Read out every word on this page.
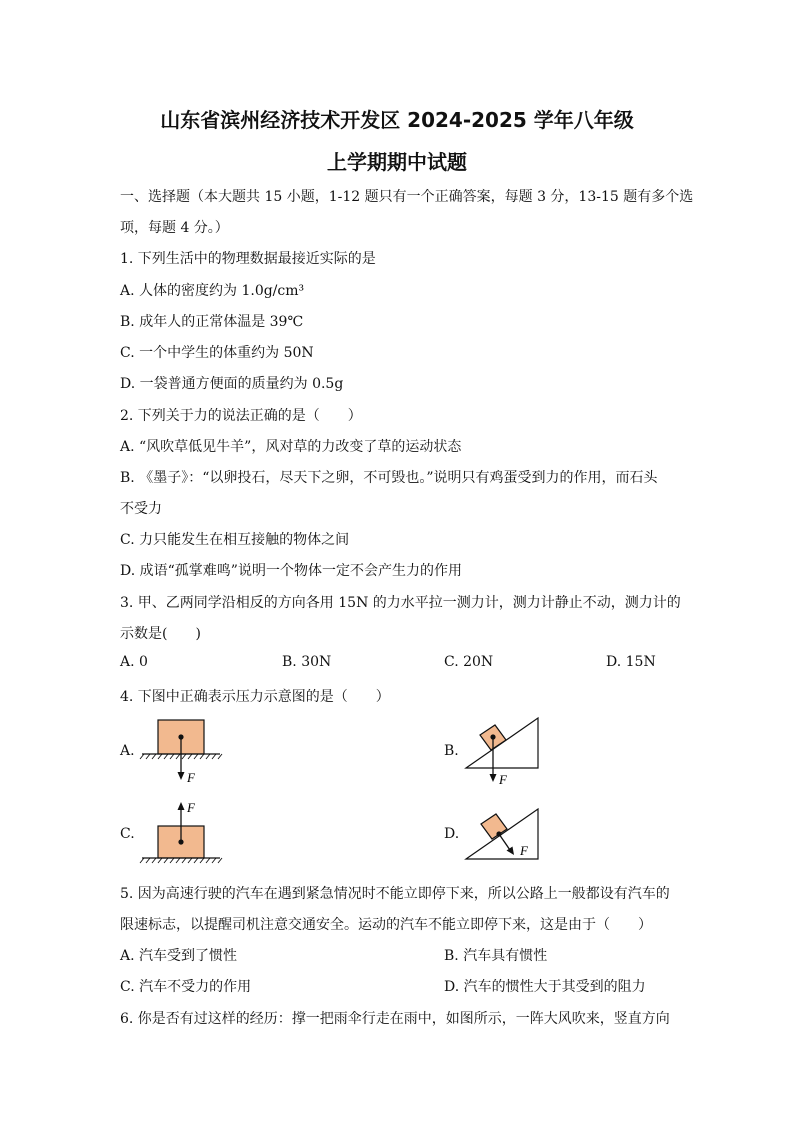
山东省滨州经济技术开发区 2024-2025 学年八年级
上学期期中试题
一、选择题（本大题共 15 小题，1-12 题只有一个正确答案，每题 3 分，13-15 题有多个选
项，每题 4 分。）
1. 下列生活中的物理数据最接近实际的是
A. 人体的密度约为 1.0g/cm³
B. 成年人的正常体温是 39℃
C. 一个中学生的体重约为 50N
D. 一袋普通方便面的质量约为 0.5g
2. 下列关于力的说法正确的是（　　）
A. “风吹草低见牛羊”，风对草的力改变了草的运动状态
B. 《墨子》：“以卵投石，尽天下之卵，不可毁也。”说明只有鸡蛋受到力的作用，而石头
不受力
C. 力只能发生在相互接触的物体之间
D. 成语“孤掌难鸣”说明一个物体一定不会产生力的作用
3. 甲、乙两同学沿相反的方向各用 15N 的力水平拉一测力计，测力计静止不动，测力计的
示数是(　　)
A. 0	B. 30N	C. 20N	D. 15N
4. 下图中正确表示压力示意图的是（　　）
A.	B.
C.	D.
F	F
F
F
5. 因为高速行驶的汽车在遇到紧急情况时不能立即停下来，所以公路上一般都设有汽车的
限速标志，以提醒司机注意交通安全。运动的汽车不能立即停下来，这是由于（　　）
A. 汽车受到了惯性	B. 汽车具有惯性
C. 汽车不受力的作用	D. 汽车的惯性大于其受到的阻力
6. 你是否有过这样的经历：撑一把雨伞行走在雨中，如图所示，一阵大风吹来，竖直方向
